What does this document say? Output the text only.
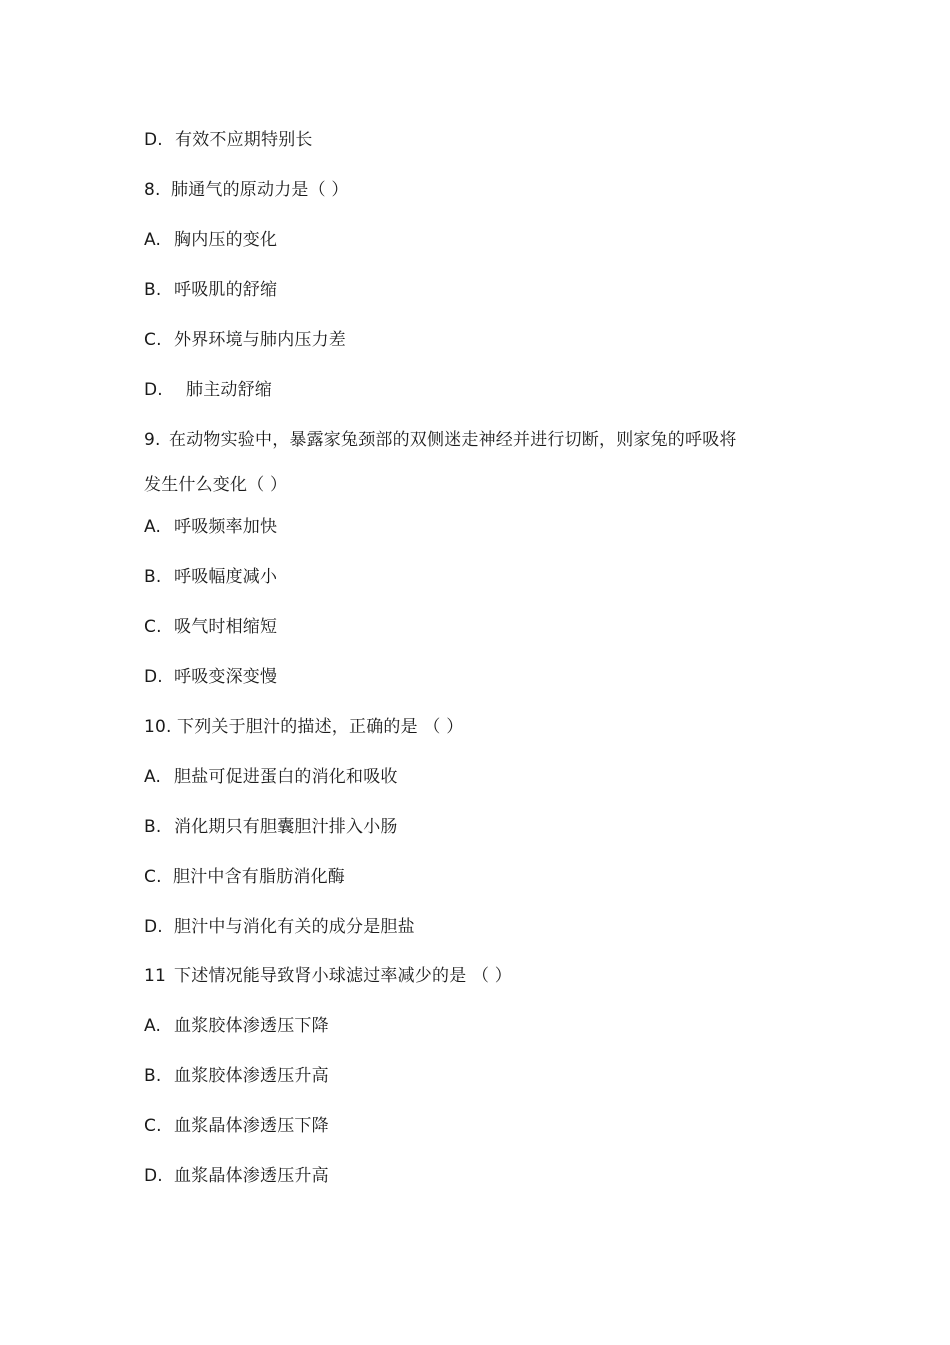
D. 有效不应期特别长
8. 肺通气的原动力是（ ）
A. 胸内压的变化
B. 呼吸肌的舒缩
C. 外界环境与肺内压力差
D. 肺主动舒缩
9. 在动物实验中，暴露家兔颈部的双侧迷走神经并进行切断，则家兔的呼吸将
发生什么变化（ ）
A. 呼吸频率加快
B. 呼吸幅度减小
C. 吸气时相缩短
D. 呼吸变深变慢
10. 下列关于胆汁的描述，正确的是 （ ）
A. 胆盐可促进蛋白的消化和吸收
B. 消化期只有胆囊胆汁排入小肠
C. 胆汁中含有脂肪消化酶
D. 胆汁中与消化有关的成分是胆盐
11 下述情况能导致肾小球滤过率减少的是 （ ）
A. 血浆胶体渗透压下降
B. 血浆胶体渗透压升高
C. 血浆晶体渗透压下降
D. 血浆晶体渗透压升高
